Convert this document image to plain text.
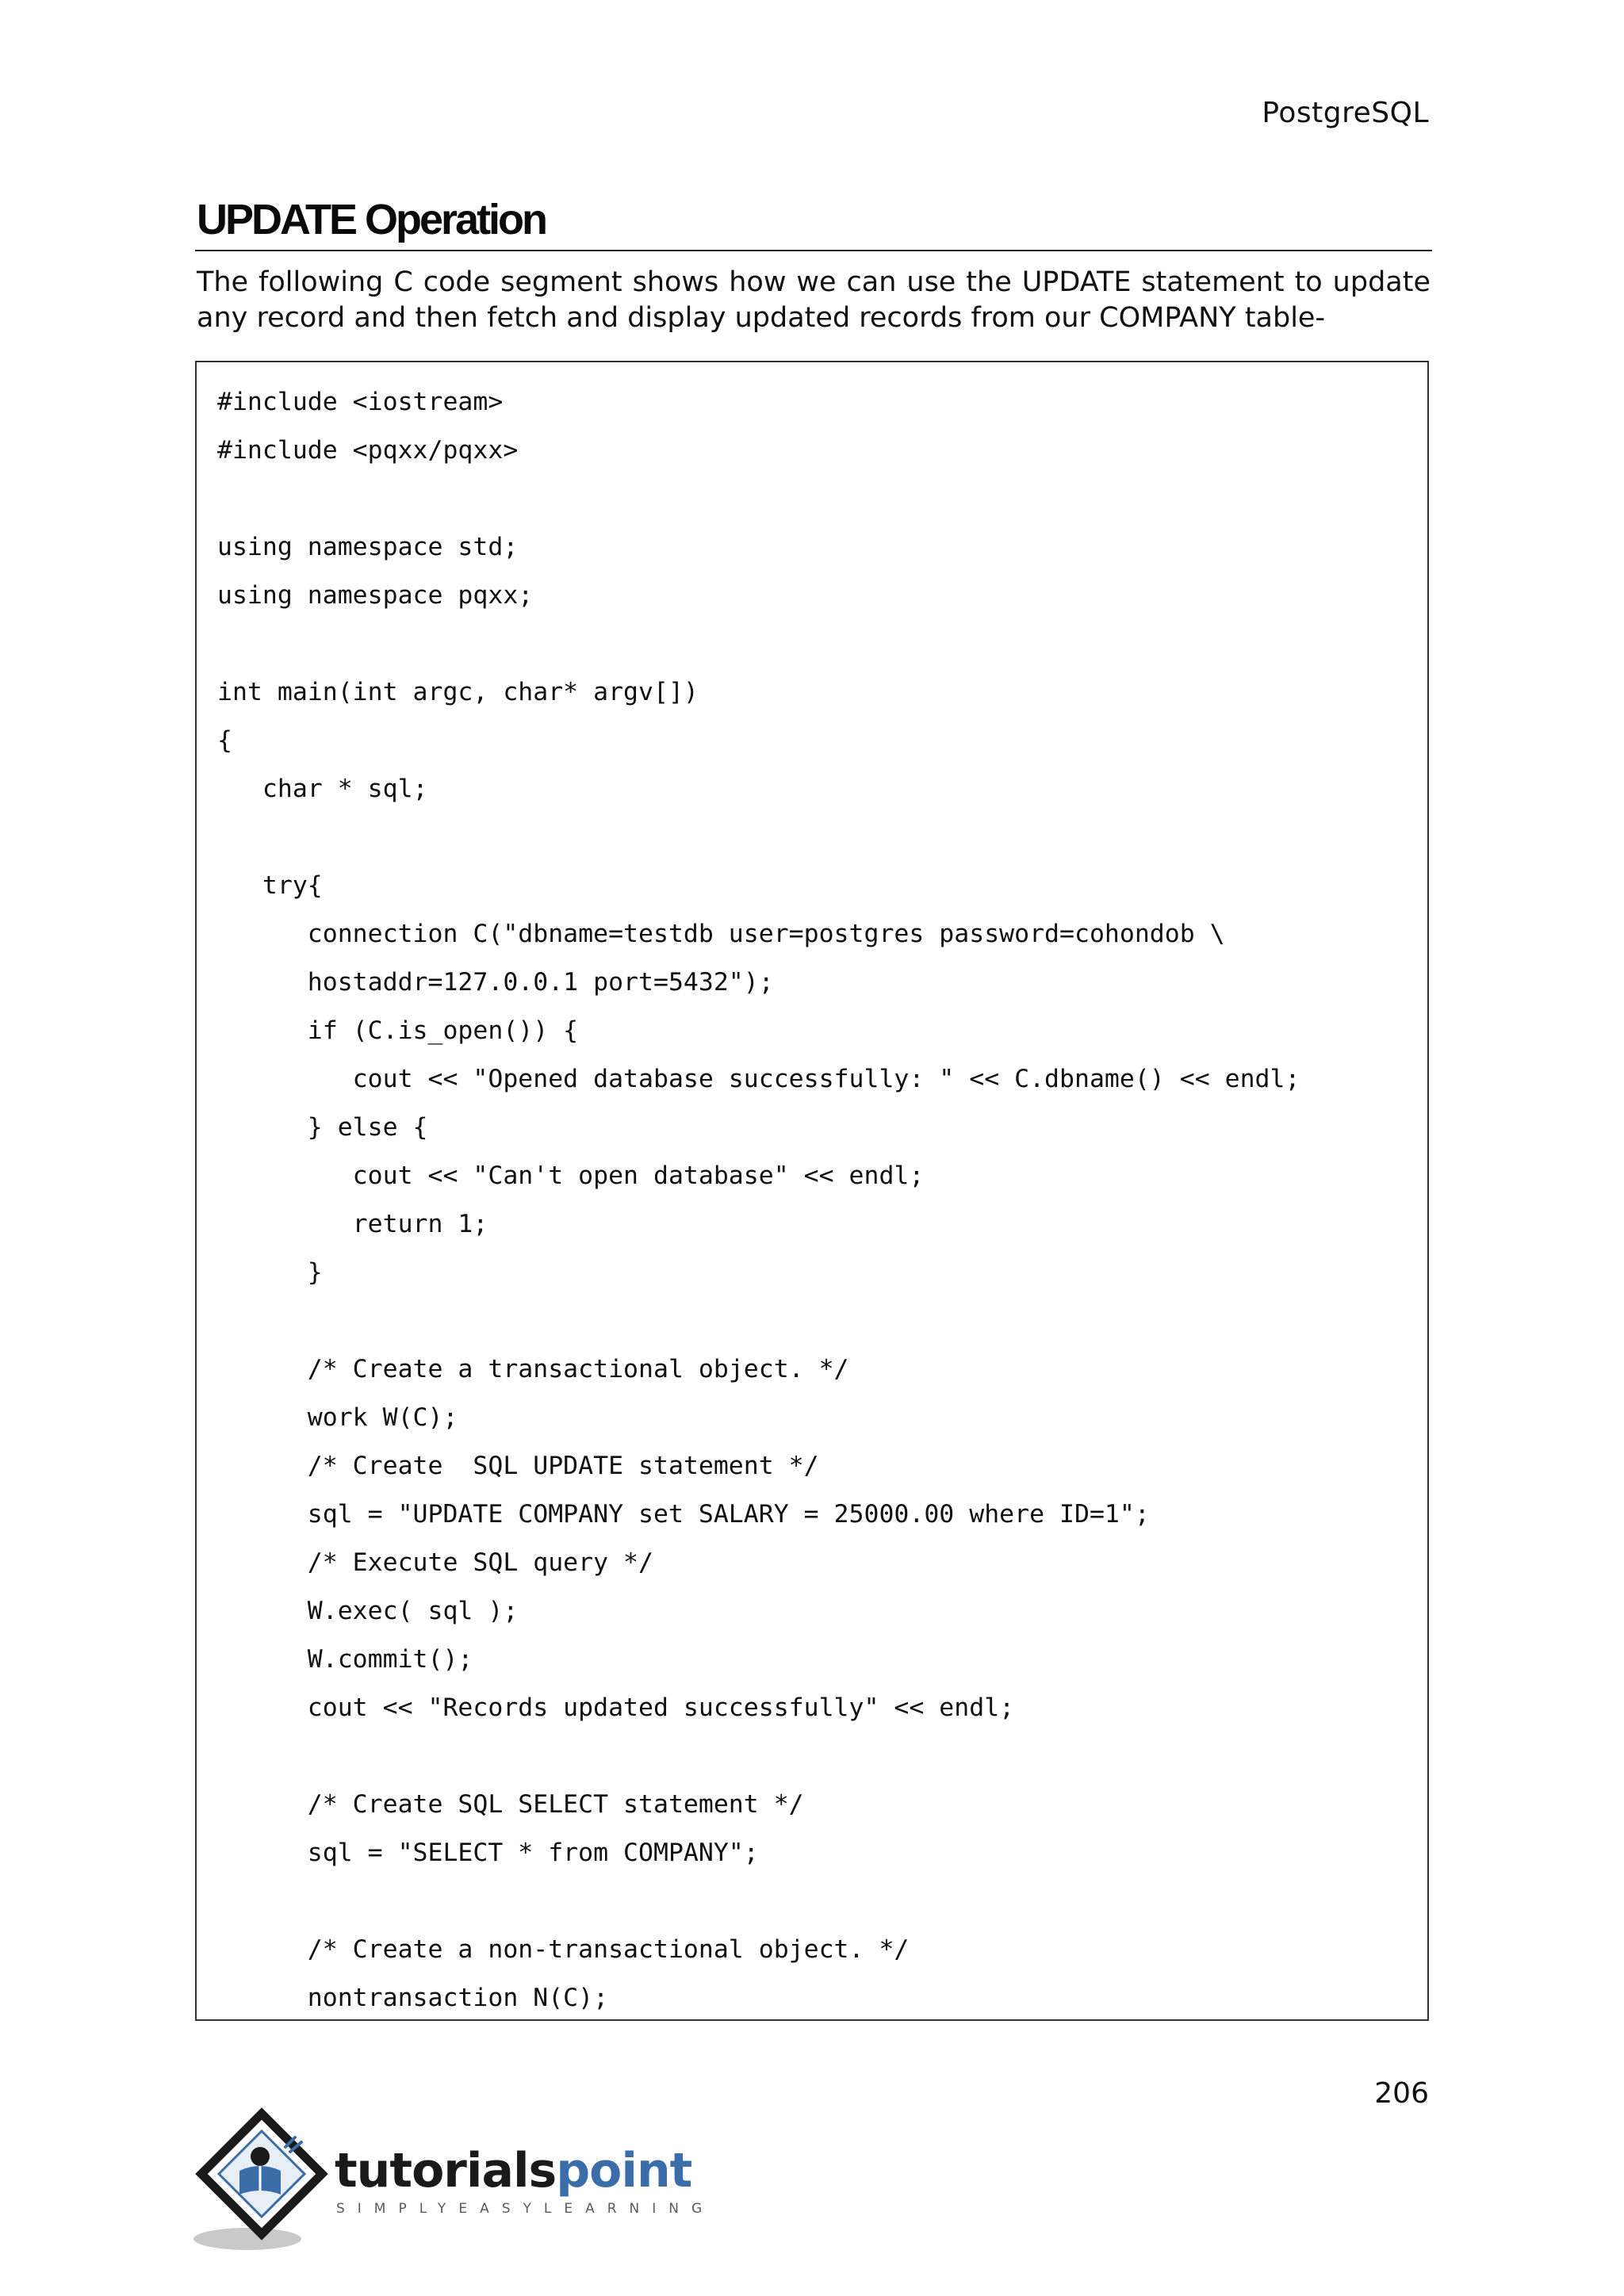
PostgreSQL
UPDATE Operation

The following C code segment shows how we can use the UPDATE statement to update any record and then fetch and display updated records from our COMPANY table-

#include <iostream>
#include <pqxx/pqxx>
using namespace std;
using namespace pqxx;
int main(int argc, char* argv[])
{
char * sql;
try{
connection C("dbname=testdb user=postgres password=cohondob \
hostaddr=127.0.0.1 port=5432");
if (C.is_open()) {
cout << "Opened database successfully: " << C.dbname() << endl;
} else {
cout << "Can't open database" << endl;
return 1;
}
/* Create a transactional object. */
work W(C);
/* Create  SQL UPDATE statement */
sql = "UPDATE COMPANY set SALARY = 25000.00 where ID=1";
/* Execute SQL query */
W.exec( sql );
W.commit();
cout << "Records updated successfully" << endl;
/* Create SQL SELECT statement */
sql = "SELECT * from COMPANY";
/* Create a non-transactional object. */
nontransaction N(C);
206
tutorialspoint
SIMPLYEASYLEARNING
